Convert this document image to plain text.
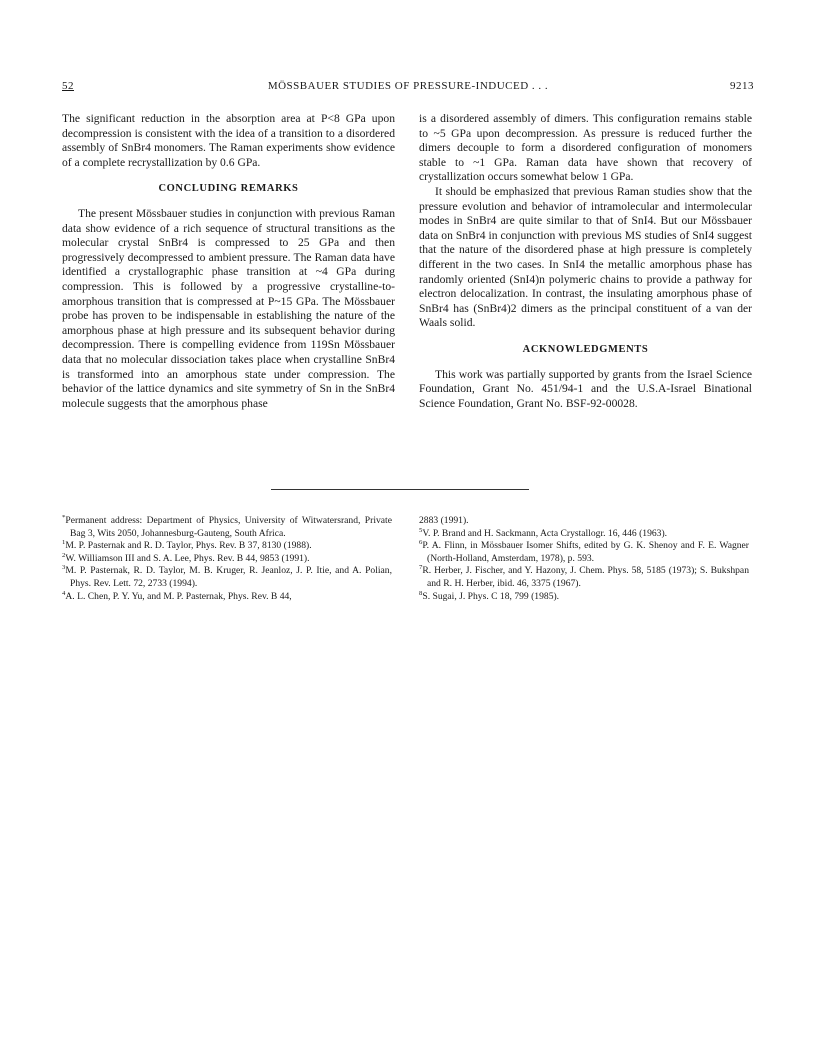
52	MÖSSBAUER STUDIES OF PRESSURE-INDUCED . . .	9213

The significant reduction in the absorption area at P<8 GPa upon decompression is consistent with the idea of a transition to a disordered assembly of SnBr4 monomers. The Raman experiments show evidence of a complete recrystallization by 0.6 GPa.

CONCLUDING REMARKS

The present Mössbauer studies in conjunction with previous Raman data show evidence of a rich sequence of structural transitions as the molecular crystal SnBr4 is compressed to 25 GPa and then progressively decompressed to ambient pressure. The Raman data have identified a crystallographic phase transition at ~4 GPa during compression. This is followed by a progressive crystalline-to-amorphous transition that is compressed at P~15 GPa. The Mössbauer probe has proven to be indispensable in establishing the nature of the amorphous phase at high pressure and its subsequent behavior during decompression. There is compelling evidence from 119Sn Mössbauer data that no molecular dissociation takes place when crystalline SnBr4 is transformed into an amorphous state under compression. The behavior of the lattice dynamics and site symmetry of Sn in the SnBr4 molecule suggests that the amorphous phase

is a disordered assembly of dimers. This configuration remains stable to ~5 GPa upon decompression. As pressure is reduced further the dimers decouple to form a disordered configuration of monomers stable to ~1 GPa. Raman data have shown that recovery of crystallization occurs somewhat below 1 GPa.

It should be emphasized that previous Raman studies show that the pressure evolution and behavior of intramolecular and intermolecular modes in SnBr4 are quite similar to that of SnI4. But our Mössbauer data on SnBr4 in conjunction with previous MS studies of SnI4 suggest that the nature of the disordered phase at high pressure is completely different in the two cases. In SnI4 the metallic amorphous phase has randomly oriented (SnI4)n polymeric chains to provide a pathway for electron delocalization. In contrast, the insulating amorphous phase of SnBr4 has (SnBr4)2 dimers as the principal constituent of a van der Waals solid.

ACKNOWLEDGMENTS

This work was partially supported by grants from the Israel Science Foundation, Grant No. 451/94-1 and the U.S.A-Israel Binational Science Foundation, Grant No. BSF-92-00028.

*Permanent address: Department of Physics, University of Witwatersrand, Private Bag 3, Wits 2050, Johannesburg-Gauteng, South Africa.

$^1$M. P. Pasternak and R. D. Taylor, Phys. Rev. B 37, 8130 (1988).

$^2$W. Williamson III and S. A. Lee, Phys. Rev. B 44, 9853 (1991).

$^3$M. P. Pasternak, R. D. Taylor, M. B. Kruger, R. Jeanloz, J. P. Itie, and A. Polian, Phys. Rev. Lett. 72, 2733 (1994).

$^4$A. L. Chen, P. Y. Yu, and M. P. Pasternak, Phys. Rev. B 44,

2883 (1991).

$^5$V. P. Brand and H. Sackmann, Acta Crystallogr. 16, 446 (1963).

$^6$P. A. Flinn, in Mössbauer Isomer Shifts, edited by G. K. Shenoy and F. E. Wagner (North-Holland, Amsterdam, 1978), p. 593.

$^7$R. Herber, J. Fischer, and Y. Hazony, J. Chem. Phys. 58, 5185 (1973); S. Bukshpan and R. H. Herber, ibid. 46, 3375 (1967).

$^8$S. Sugai, J. Phys. C 18, 799 (1985).
